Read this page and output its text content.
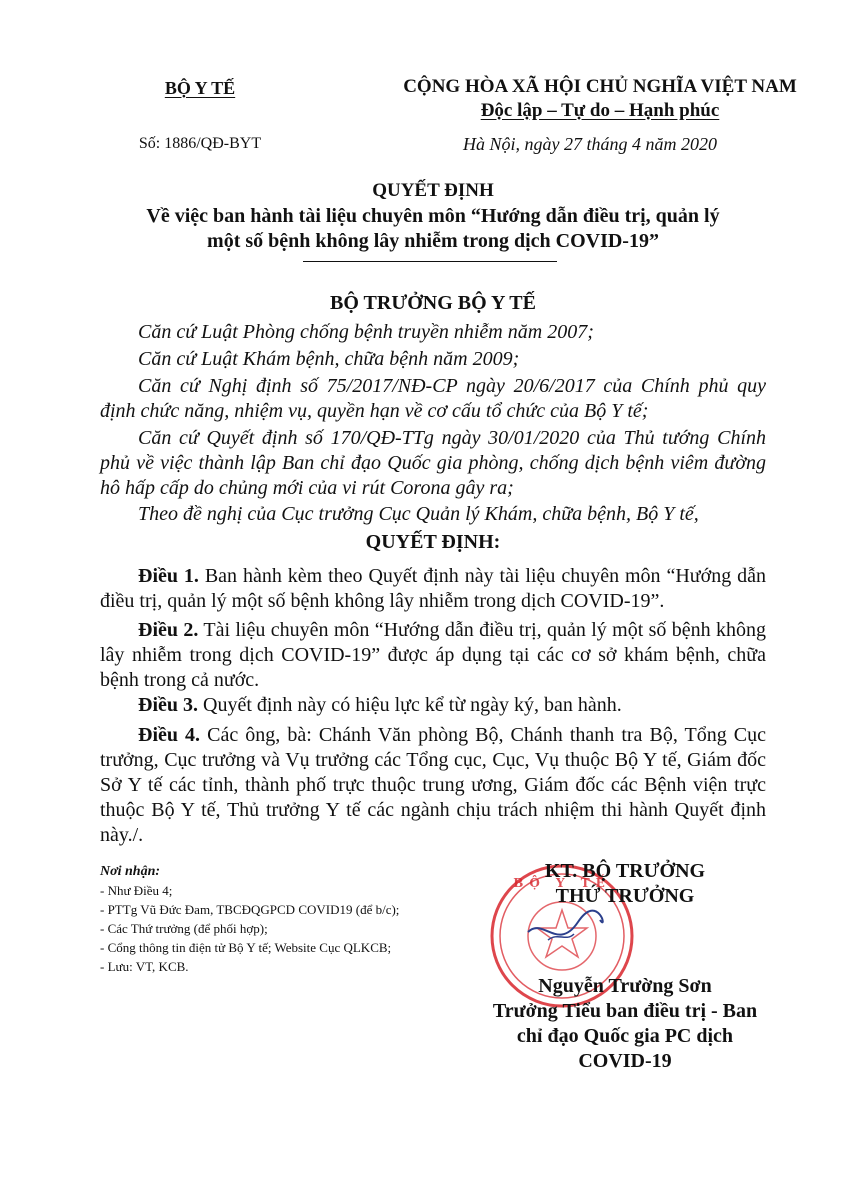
BỘ Y TẾ
Số: 1886/QĐ-BYT
CỘNG HÒA XÃ HỘI CHỦ NGHĨA VIỆT NAM
Độc lập – Tự do – Hạnh phúc
Hà Nội, ngày 27 tháng 4 năm 2020
QUYẾT ĐỊNH
Về việc ban hành tài liệu chuyên môn “Hướng dẫn điều trị, quản lý
một số bệnh không lây nhiễm trong dịch COVID-19”
BỘ TRƯỞNG BỘ Y TẾ
Căn cứ Luật Phòng chống bệnh truyền nhiễm năm 2007;
Căn cứ Luật Khám bệnh, chữa bệnh năm 2009;
Căn cứ Nghị định số 75/2017/NĐ-CP ngày 20/6/2017 của Chính phủ quy định chức năng, nhiệm vụ, quyền hạn về cơ cấu tổ chức của Bộ Y tế;
Căn cứ Quyết định số 170/QĐ-TTg ngày 30/01/2020 của Thủ tướng Chính phủ về việc thành lập Ban chỉ đạo Quốc gia phòng, chống dịch bệnh viêm đường hô hấp cấp do chủng mới của vi rút Corona gây ra;
Theo đề nghị của Cục trưởng Cục Quản lý Khám, chữa bệnh, Bộ Y tế,
QUYẾT ĐỊNH:
Điều 1. Ban hành kèm theo Quyết định này tài liệu chuyên môn “Hướng dẫn điều trị, quản lý một số bệnh không lây nhiễm trong dịch COVID-19”.
Điều 2. Tài liệu chuyên môn “Hướng dẫn điều trị, quản lý một số bệnh không lây nhiễm trong dịch COVID-19” được áp dụng tại các cơ sở khám bệnh, chữa bệnh trong cả nước.
Điều 3. Quyết định này có hiệu lực kể từ ngày ký, ban hành.
Điều 4. Các ông, bà: Chánh Văn phòng Bộ, Chánh thanh tra Bộ, Tổng Cục trưởng, Cục trưởng và Vụ trưởng các Tổng cục, Cục, Vụ thuộc Bộ Y tế, Giám đốc Sở Y tế các tỉnh, thành phố trực thuộc trung ương, Giám đốc các Bệnh viện trực thuộc Bộ Y tế, Thủ trưởng Y tế các ngành chịu trách nhiệm thi hành Quyết định này./.
Nơi nhận:
- Như Điều 4;
- PTTg Vũ Đức Đam, TBCĐQGPCD COVID19 (để b/c);
- Các Thứ trưởng (để phối hợp);
- Cổng thông tin điện tử Bộ Y tế; Website Cục QLKCB;
- Lưu: VT, KCB.
BỘ Y TẾ
KT. BỘ TRƯỞNG
THỨ TRƯỞNG
Nguyễn Trường Sơn
Trưởng Tiểu ban điều trị - Ban chỉ đạo Quốc gia PC dịch COVID-19
